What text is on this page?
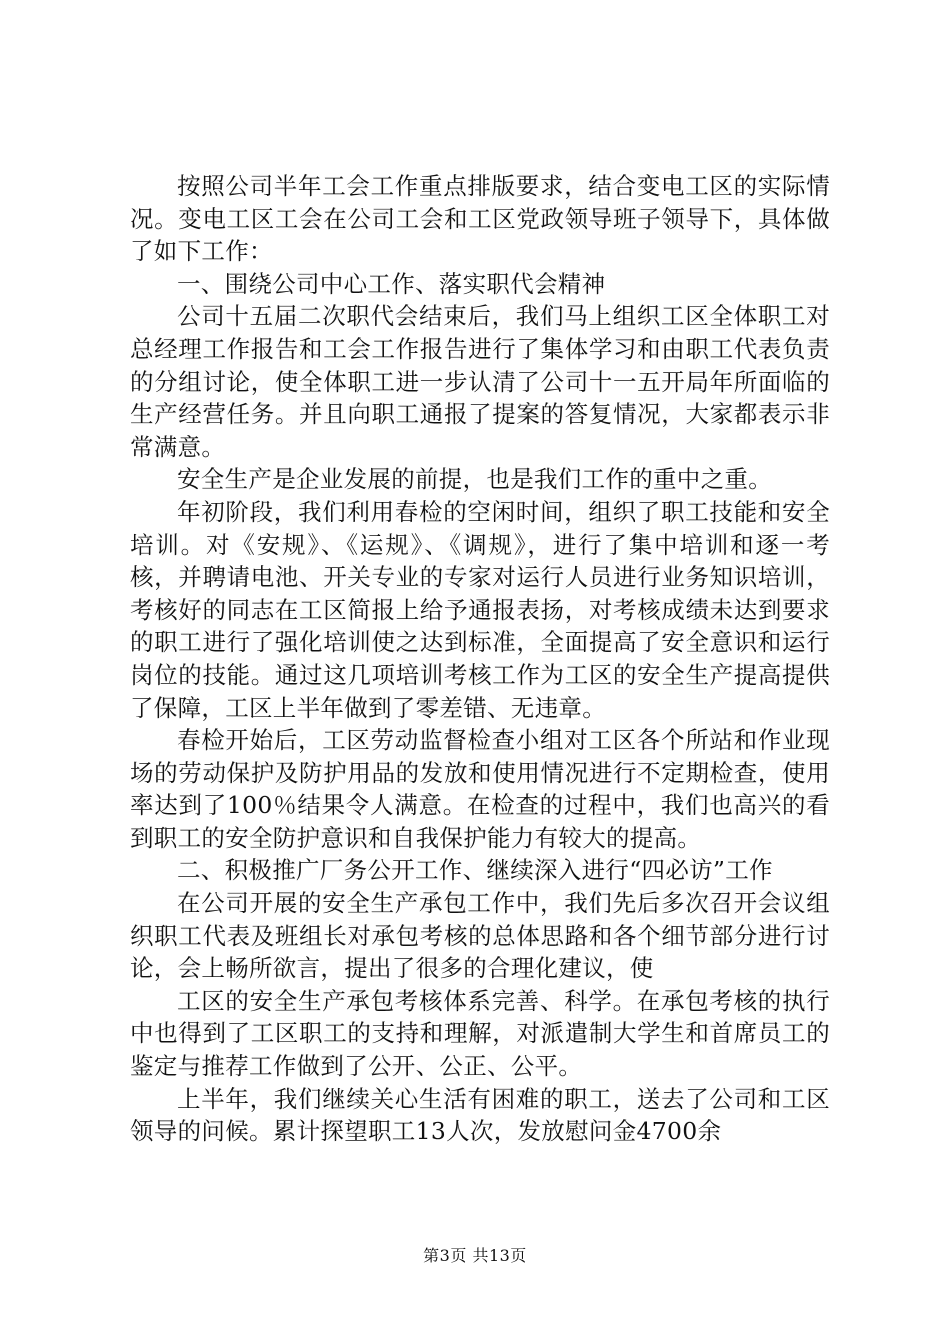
按照公司半年工会工作重点排版要求，结合变电工区的实际情况。变电工区工会在公司工会和工区党政领导班子领导下，具体做了如下工作：

一、围绕公司中心工作、落实职代会精神

公司十五届二次职代会结束后，我们马上组织工区全体职工对总经理工作报告和工会工作报告进行了集体学习和由职工代表负责的分组讨论，使全体职工进一步认清了公司十一五开局年所面临的生产经营任务。并且向职工通报了提案的答复情况，大家都表示非常满意。

安全生产是企业发展的前提，也是我们工作的重中之重。

年初阶段，我们利用春检的空闲时间，组织了职工技能和安全培训。对《安规》、《运规》、《调规》，进行了集中培训和逐一考核，并聘请电池、开关专业的专家对运行人员进行业务知识培训，考核好的同志在工区简报上给予通报表扬，对考核成绩未达到要求的职工进行了强化培训使之达到标准，全面提高了安全意识和运行岗位的技能。通过这几项培训考核工作为工区的安全生产提高提供了保障，工区上半年做到了零差错、无违章。

春检开始后，工区劳动监督检查小组对工区各个所站和作业现场的劳动保护及防护用品的发放和使用情况进行不定期检查，使用率达到了100％结果令人满意。在检查的过程中，我们也高兴的看到职工的安全防护意识和自我保护能力有较大的提高。

二、积极推广厂务公开工作、继续深入进行“四必访”工作

在公司开展的安全生产承包工作中，我们先后多次召开会议组织职工代表及班组长对承包考核的总体思路和各个细节部分进行讨论，会上畅所欲言，提出了很多的合理化建议，使

工区的安全生产承包考核体系完善、科学。在承包考核的执行中也得到了工区职工的支持和理解，对派遣制大学生和首席员工的鉴定与推荐工作做到了公开、公正、公平。

上半年，我们继续关心生活有困难的职工，送去了公司和工区领导的问候。累计探望职工13人次，发放慰问金4700余

第3页 共13页
